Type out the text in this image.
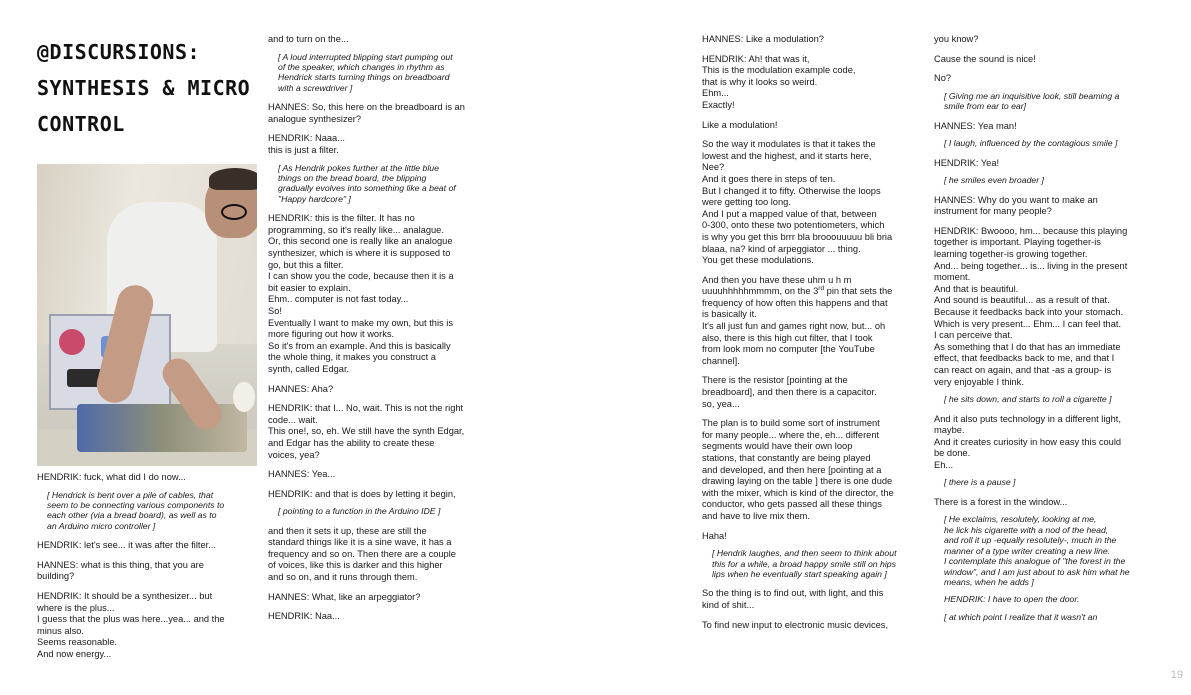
@DISCURSIONS:
SYNTHESIS & MICRO
CONTROL

HENDRIK: fuck, what did I do now...

[ Hendrick is bent over a pile of cables, that
seem to be connecting various components to
each other (via a bread board), as well as to
an Arduino micro controller ]

HENDRIK: let's see... it was after the filter...

HANNES: what is this thing, that you are
building?

HENDRIK: It should be a synthesizer... but
where is the plus...
I guess that the plus was here...yea... and the
minus also.
Seems reasonable.
And now energy...

and to turn on the...

[ A loud interrupted blipping start pumping out
of the speaker, which changes in rhythm as
Hendrick starts turning things on breadboard
with a screwdriver ]

HANNES: So, this here on the breadboard is an
analogue synthesizer?

HENDRIK: Naaa...
this is just a filter.

[ As Hendrik pokes further at the little blue
things on the bread board, the blipping
gradually evolves into something like a beat of
"Happy hardcore" ]

HENDRIK: this is the filter. It has no
programming, so it's really like... analague.
Or, this second one is really like an analogue
synthesizer, which is where it is supposed to
go, but this a filter.
I can show you the code, because then it is a
bit easier to explain.
Ehm.. computer is not fast today...
So!
Eventually I want to make my own, but this is
more figuring out how it works.
So it's from an example. And this is basically
the whole thing, it makes you construct a
synth, called Edgar.

HANNES: Aha?

HENDRIK: that I... No, wait. This is not the right
code... wait.
This one!, so, eh. We still have the synth Edgar,
and Edgar has the ability to create these
voices, yea?

HANNES: Yea...

HENDRIK: and that is does by letting it begin,

[ pointing to a function in the Arduino IDE ]

and then it sets it up, these are still the
standard things like it is a sine wave, it has a
frequency and so on. Then there are a couple
of voices, like this is darker and this higher
and so on, and it runs through them.

HANNES: What, like an arpeggiator?

HENDRIK: Naa...

HANNES: Like a modulation?

HENDRIK: Ah! that was it,
This is the modulation example code,
that is why it looks so weird.
Ehm...
Exactly!

Like a modulation!

So the way it modulates is that it takes the
lowest and the highest, and it starts here,
Nee?
And it goes there in steps of ten.
But I changed it to fifty. Otherwise the loops
were getting too long.
And I put a mapped value of that, between
0-300, onto these two potentiometers, which
is why you get this brrr bla brooouuuuu bli bria
blaaa, na? kind of arpeggiator ... thing.
You get these modulations.

And then you have these uhm u h m
uuuuhhhhhmmmm, on the 3rd pin that sets the
frequency of how often this happens and that
is basically it.
It's all just fun and games right now, but... oh
also, there is this high cut filter, that I took
from look mom no computer [the YouTube
channel].

There is the resistor [pointing at the
breadboard], and then there is a capacitor.
so, yea...

The plan is to build some sort of instrument
for many people... where the, eh... different
segments would have their own loop
stations, that constantly are being played
and developed, and then here [pointing at a
drawing laying on the table ] there is one dude
with the mixer, which is kind of the director, the
conductor, who gets passed all these things
and have to live mix them.

Haha!

[ Hendrik laughes, and then seem to think about
this for a while, a broad happy smile still on hips
lips when he eventually start speaking again ]

So the thing is to find out, with light, and this
kind of shit...

To find new input to electronic music devices,

you know?

Cause the sound is nice!

No?

[ Giving me an inquisitive look, still beaming a
smile from ear to ear]

HANNES: Yea man!

[ I laugh, influenced by the contagious smile ]

HENDRIK: Yea!

[ he smiles even broader ]

HANNES: Why do you want to make an
instrument for many people?

HENDRIK: Bwoooo, hm... because this playing
together is important. Playing together-is
learning together-is growing together.
And... being together... is... living in the present
moment.
And that is beautiful.
And sound is beautiful... as a result of that.
Because it feedbacks back into your stomach.
Which is very present... Ehm... I can feel that.
I can perceive that.
As something that I do that has an immediate
effect, that feedbacks back to me, and that I
can react on again, and that -as a group- is
very enjoyable I think.

[ he sits down, and starts to roll a cigarette ]

And it also puts technology in a different light,
maybe.
And it creates curiosity in how easy this could
be done.
Eh...

[ there is a pause ]

There is a forest in the window...

[ He exclaims, resolutely, looking at me,
he lick his cigarette with a nod of the head,
and roll it up -equally resolutely-, much in the
manner of a type writer creating a new line.
I contemplate this analogue of "the forest in the
window", and I am just about to ask him what he
means, when he adds ]

HENDRIK: I have to open the door.

[ at which point I realize that it wasn't an

19
